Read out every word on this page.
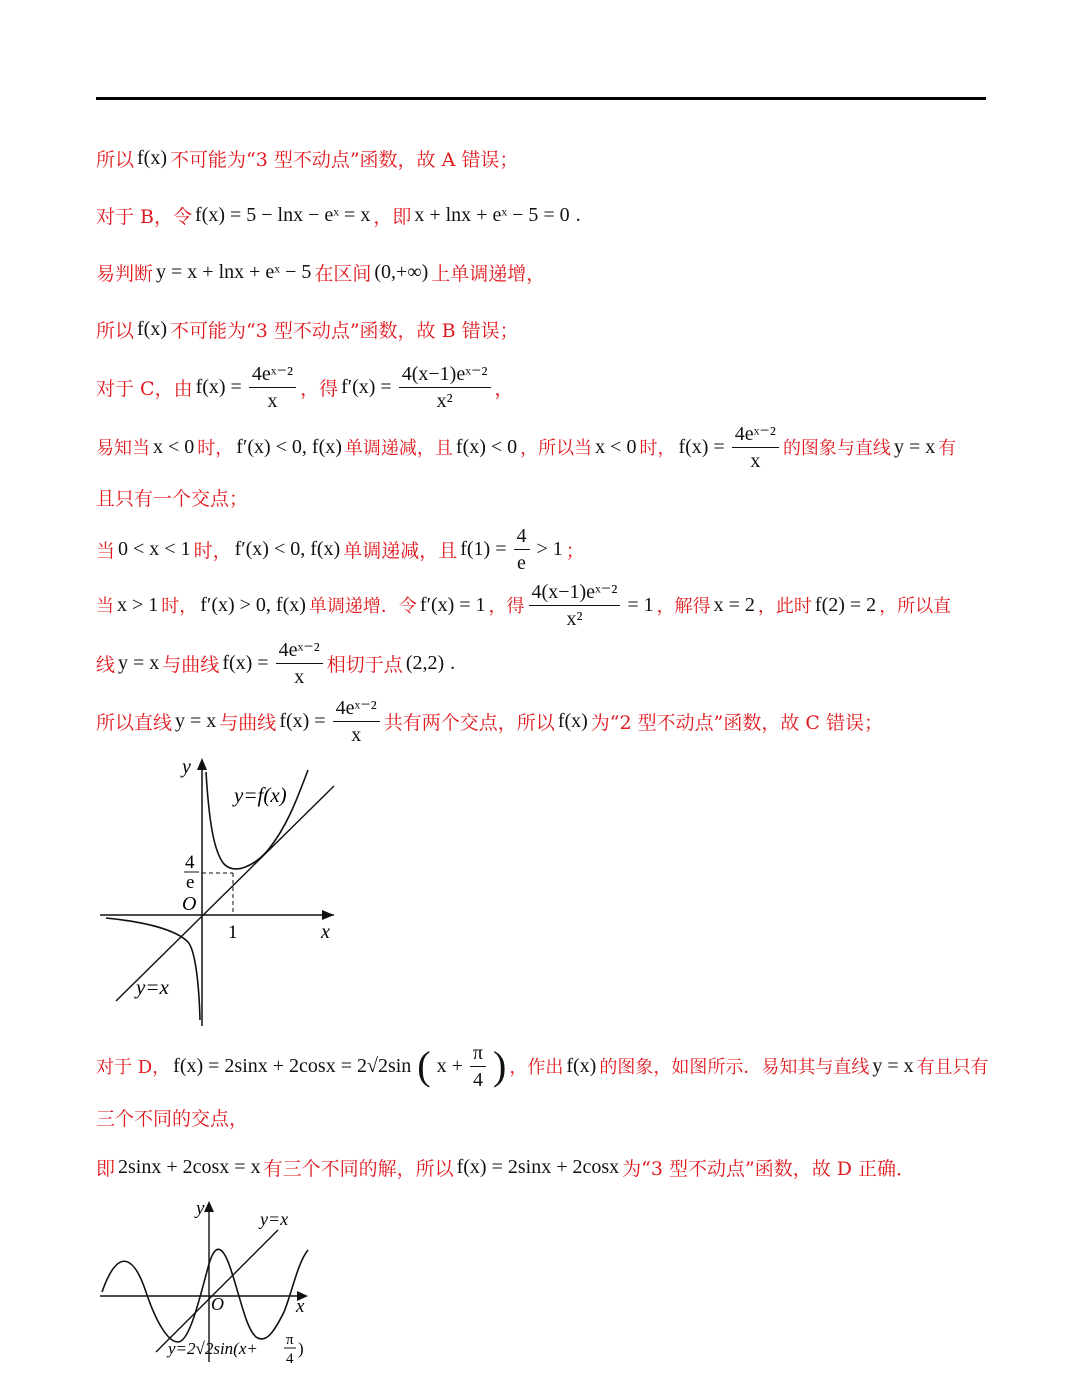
所以 f(x) 不可能为“3 型不动点”函数，故 A 错误；
对于 B，令 f(x) = 5 − lnx − eˣ = x ，即 x + lnx + eˣ − 5 = 0 .
易判断 y = x + lnx + eˣ − 5 在区间 (0,+∞) 上单调递增，
所以 f(x) 不可能为“3 型不动点”函数，故 B 错误；
对于 C，由 $f(x) = \frac{\text{4eˣ⁻²}}{x}$ ，得 $f'(x) = \frac{\text{4(x−1)eˣ⁻²}}{\text{x²}}$ ，
易知当 x < 0 时， f′(x) < 0, f(x) 单调递减，且 f(x) < 0 ，所以当 x < 0 时， $f(x) = \frac{\text{4eˣ⁻²}}{x}$ 的图象与直线 y = x 有
且只有一个交点；
当 0 < x < 1 时， f′(x) < 0, f(x) 单调递减，且 $f(1) = \frac{4}{e} > 1$ ；
当 x > 1 时， f′(x) > 0, f(x) 单调递增．令 f′(x) = 1 ，得 $\frac{\text{4(x−1)eˣ⁻²}}{\text{x²}} = 1$ ，解得 x = 2 ，此时 f(2) = 2 ，所以直
线 y = x 与曲线 $f(x) = \frac{\text{4eˣ⁻²}}{x}$ 相切于点 (2,2) .
所以直线 y = x 与曲线 $f(x) = \frac{\text{4eˣ⁻²}}{x}$ 共有两个交点，所以 f(x) 为“2 型不动点”函数，故 C 错误；
y
x
O
1
4
e
y=f(x)
y=x
对于 D， f(x) = 2sinx + 2cosx = 2√2sin ( $x + \frac{\pi}{4}$ ) ，作出 f(x) 的图象，如图所示．易知其与直线 y = x 有且只有
三个不同的交点，
即 2sinx + 2cosx = x 有三个不同的解，所以 f(x) = 2sinx + 2cosx 为“3 型不动点”函数，故 D 正确．
y
x
O
y=x
y=2√2sin(x+ π
4
)
